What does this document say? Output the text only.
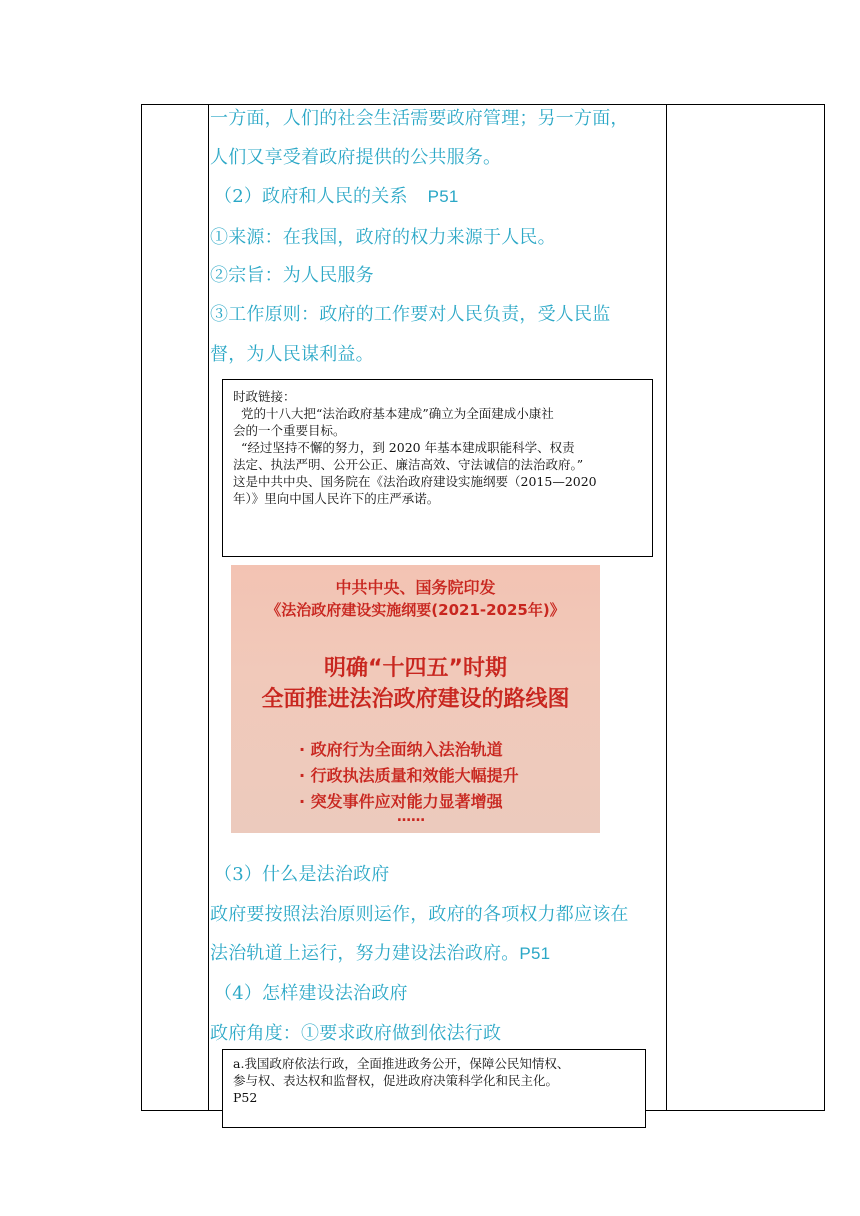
一方面，人们的社会生活需要政府管理；另一方面，
人们又享受着政府提供的公共服务。
（2）政府和人民的关系 P51
①来源：在我国，政府的权力来源于人民。
②宗旨：为人民服务
③工作原则：政府的工作要对人民负责，受人民监
督，为人民谋利益。
时政链接：
党的十八大把“法治政府基本建成”确立为全面建成小康社
会的一个重要目标。
“经过坚持不懈的努力，到 2020 年基本建成职能科学、权责
法定、执法严明、公开公正、廉洁高效、守法诚信的法治政府。”
这是中共中央、国务院在《法治政府建设实施纲要（2015—2020
年）》里向中国人民许下的庄严承诺。
中共中央、国务院印发
《法治政府建设实施纲要(2021-2025年)》
明确“十四五”时期
全面推进法治政府建设的路线图
· 政府行为全面纳入法治轨道
· 行政执法质量和效能大幅提升
· 突发事件应对能力显著增强
……
（3）什么是法治政府
政府要按照法治原则运作，政府的各项权力都应该在
法治轨道上运行，努力建设法治政府。P51
（4）怎样建设法治政府
政府角度：①要求政府做到依法行政
a.我国政府依法行政，全面推进政务公开，保障公民知情权、
参与权、表达权和监督权，促进政府决策科学化和民主化。
P52
